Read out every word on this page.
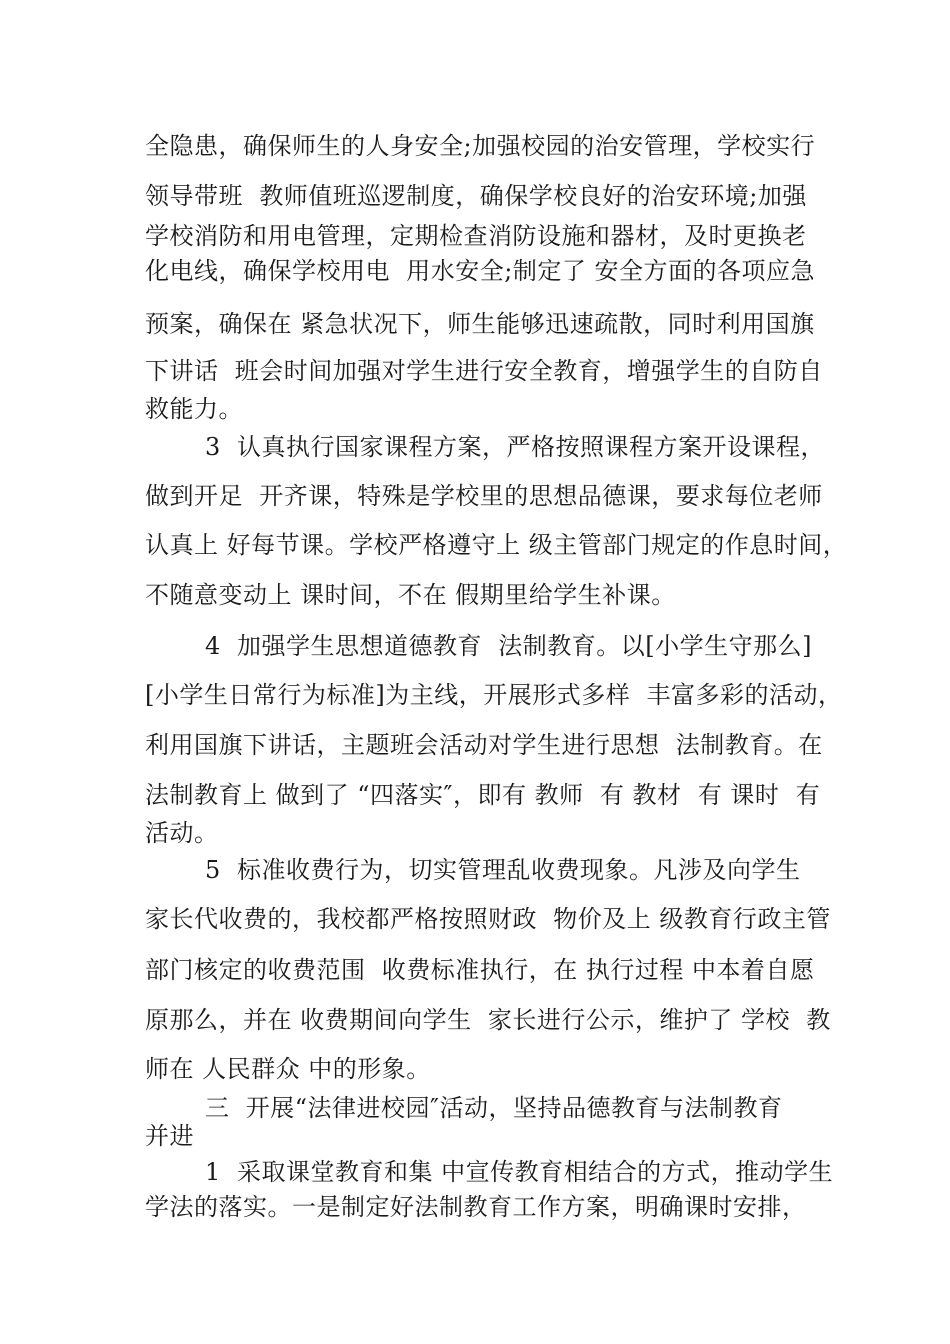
全隐患，确保师生的人身安全;加强校园的治安管理，学校实行
领导带班  教师值班巡逻制度，确保学校良好的治安环境;加强
学校消防和用电管理，定期检查消防设施和器材，及时更换老
化电线，确保学校用电  用水安全;制定了 安全方面的各项应急
预案，确保在 紧急状况下，师生能够迅速疏散，同时利用国旗
下讲话  班会时间加强对学生进行安全教育，增强学生的自防自
救能力。
3  认真执行国家课程方案，严格按照课程方案开设课程，
做到开足  开齐课，特殊是学校里的思想品德课，要求每位老师
认真上 好每节课。学校严格遵守上 级主管部门规定的作息时间，
不随意变动上 课时间，不在 假期里给学生补课。
4  加强学生思想道德教育  法制教育。以[小学生守那么]
[小学生日常行为标准]为主线，开展形式多样  丰富多彩的活动，
利用国旗下讲话，主题班会活动对学生进行思想  法制教育。在
法制教育上 做到了 “四落实″，即有 教师  有 教材  有 课时  有
活动。
5  标准收费行为，切实管理乱收费现象。凡涉及向学生
家长代收费的，我校都严格按照财政  物价及上 级教育行政主管
部门核定的收费范围  收费标准执行，在 执行过程 中本着自愿
原那么，并在 收费期间向学生  家长进行公示，维护了 学校  教
师在 人民群众 中的形象。
三  开展“法律进校园″活动，坚持品德教育与法制教育
并进
1  采取课堂教育和集 中宣传教育相结合的方式，推动学生
学法的落实。一是制定好法制教育工作方案，明确课时安排，
